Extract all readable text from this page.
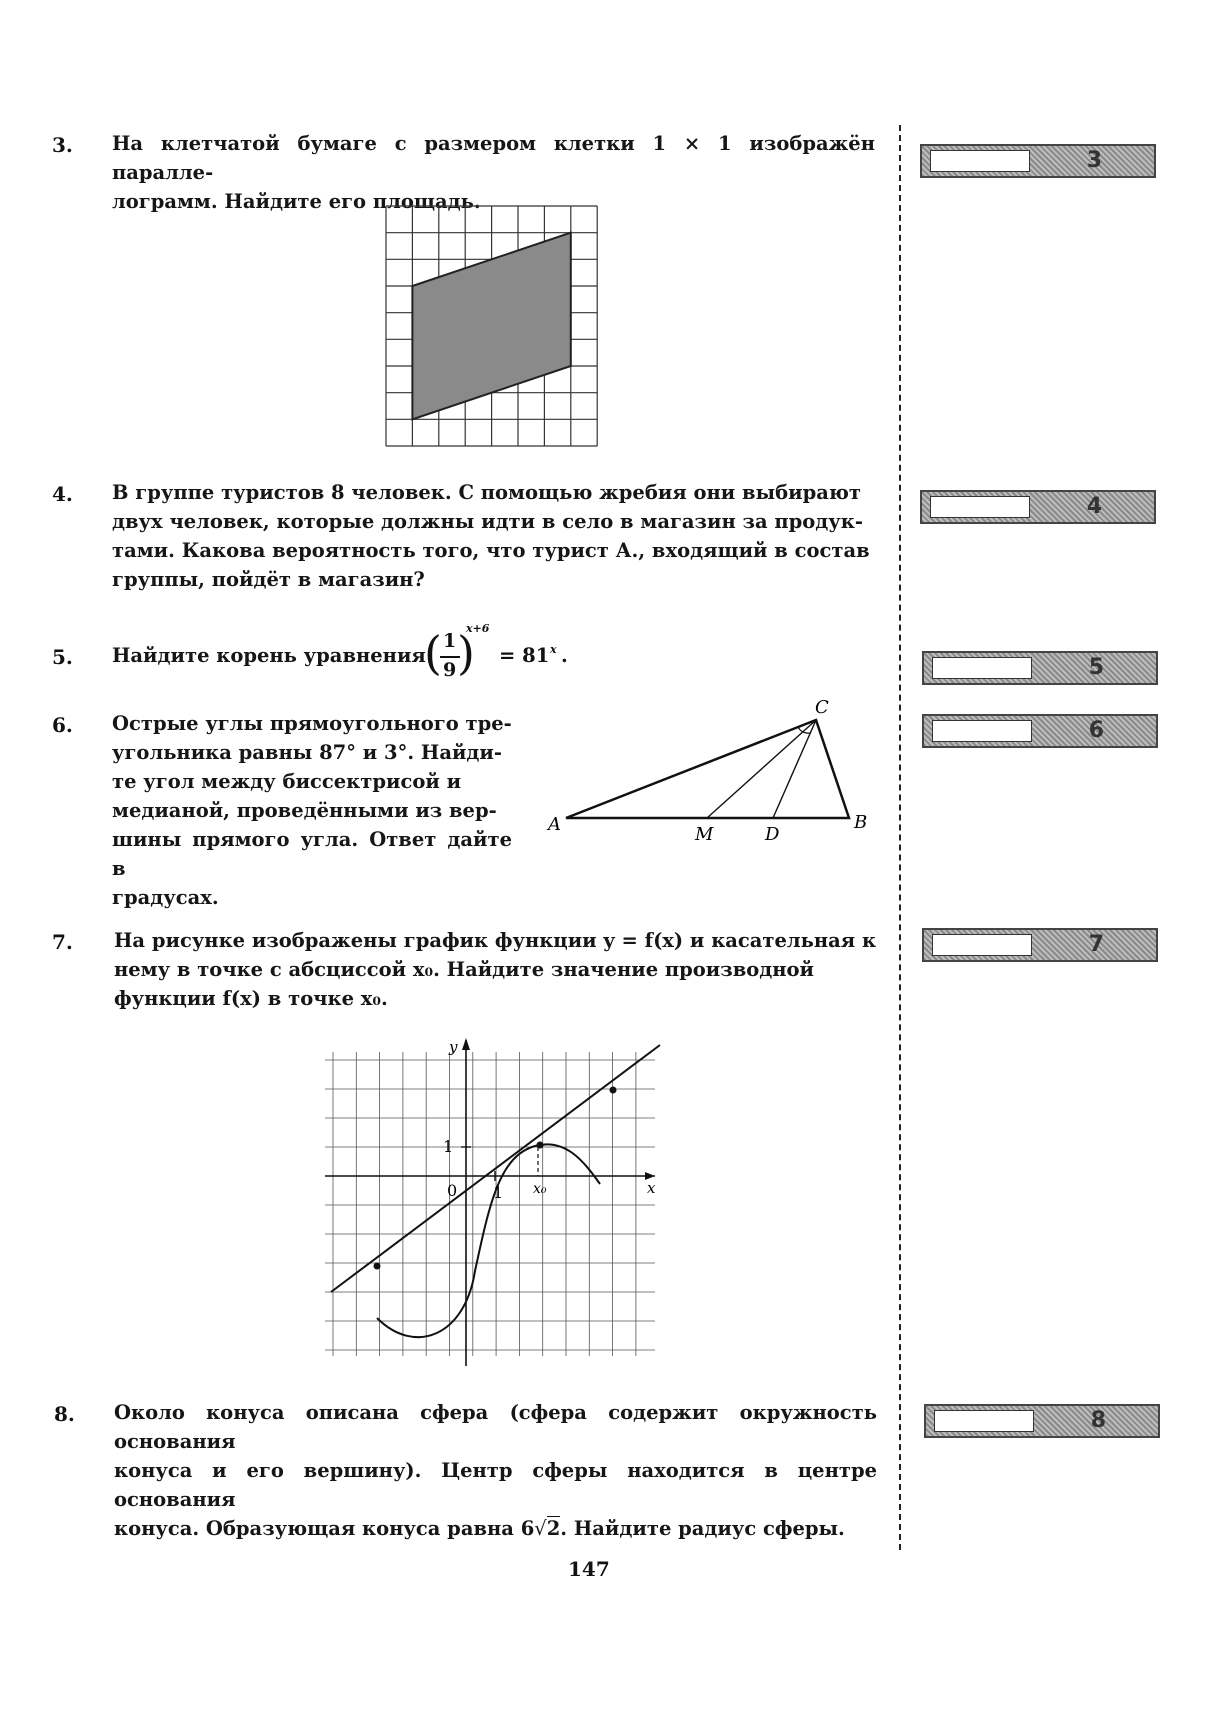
3. На клетчатой бумаге с размером клетки 1 × 1 изображён паралле-
лограмм. Найдите его площадь.
3
4. В группе туристов 8 человек. С помощью жребия они выбирают
двух человек, которые должны идти в село в магазин за продук-
тами. Какова вероятность того, что турист А., входящий в состав
группы, пойдёт в магазин?
4
5. Найдите корень уравнения
( 1
9 )
x+6
= 81 x .	5
6. Острые углы прямоугольного тре-
угольника равны 87° и 3°. Найди-
те угол между биссектрисой и
медианой, проведёнными из вер-
шины прямого угла. Ответ дайте в
градусах.
A	B
C
M	D
6
7. На рисунке изображены график функции y = f(x) и касательная к
нему в точке с абсциссой x₀. Найдите значение производной
функции f(x) в точке x₀.
0 1
1
x₀
y
x
7
8. Около конуса описана сфера (сфера содержит окружность основания
конуса и его вершину). Центр сферы находится в центре основания
конуса. Образующая конуса равна 6√2. Найдите радиус сферы.
8
147
